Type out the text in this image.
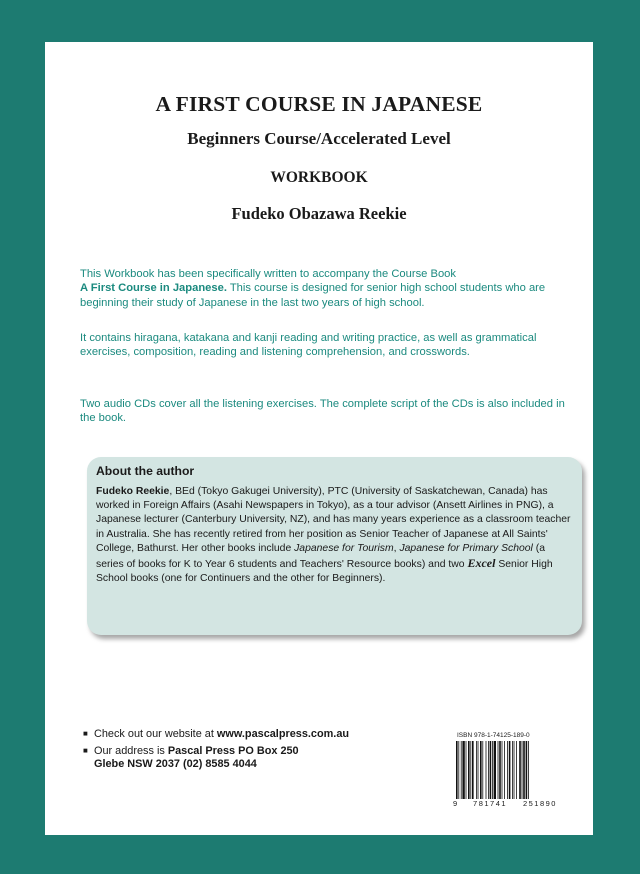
A FIRST COURSE IN JAPANESE
Beginners Course/Accelerated Level
WORKBOOK
Fudeko Obazawa Reekie

This Workbook has been specifically written to accompany the Course Book
A First Course in Japanese. This course is designed for senior high school students who are beginning their study of Japanese in the last two years of high school.

It contains hiragana, katakana and kanji reading and writing practice, as well as grammatical exercises, composition, reading and listening comprehension, and crosswords.

Two audio CDs cover all the listening exercises. The complete script of the CDs is also included in the book.

About the author

Fudeko Reekie, BEd (Tokyo Gakugei University), PTC (University of Saskatchewan, Canada) has worked in Foreign Affairs (Asahi Newspapers in Tokyo), as a tour advisor (Ansett Airlines in PNG), a Japanese lecturer (Canterbury University, NZ), and has many years experience as a classroom teacher in Australia. She has recently retired from her position as Senior Teacher of Japanese at All Saints' College, Bathurst. Her other books include Japanese for Tourism, Japanese for Primary School (a series of books for K to Year 6 students and Teachers' Resource books) and two Excel Senior High School books (one for Continuers and the other for Beginners).

■ Check out our website at www.pascalpress.com.au
■ Our address is Pascal Press PO Box 250
Glebe NSW 2037 (02) 8585 4044
ISBN 978-1-74125-189-0
9 781741 251890
